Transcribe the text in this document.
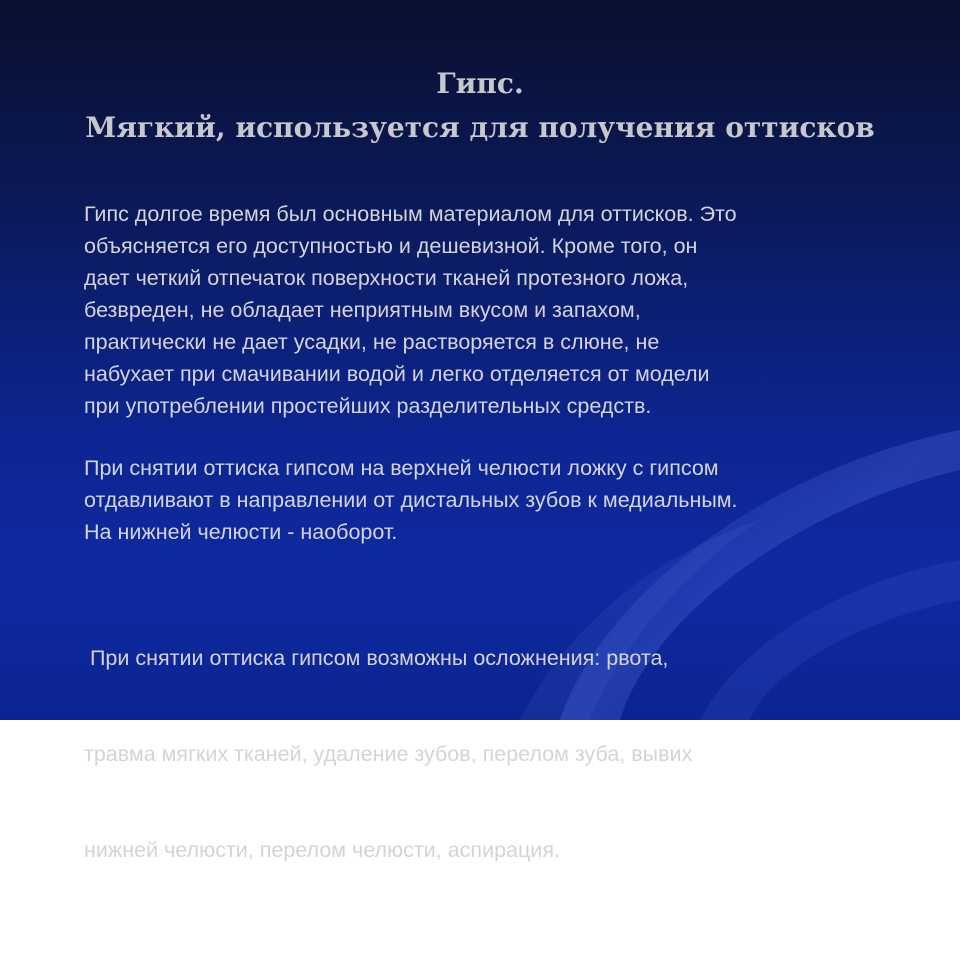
Гипс.
Мягкий, используется для получения оттисков
Гипс долгое время был основным материалом для оттисков. Это
объясняется его доступностью и дешевизной. Кроме того, он
дает четкий отпечаток поверхности тканей протезного ложа,
безвреден, не обладает неприятным вкусом и запахом,
практически не дает усадки, не растворяется в слюне, не
набухает при смачивании водой и легко отделяется от модели
при употреблении простейших разделительных средств.
При снятии оттиска гипсом на верхней челюсти ложку с гипсом
отдавливают в направлении от дистальных зубов к медиальным.
На нижней челюсти - наоборот.

При снятии оттиска гипсом возможны осложнения: рвота,

травма мягких тканей, удаление зубов, перелом зуба, вывих

нижней челюсти, перелом челюсти, аспирация.
